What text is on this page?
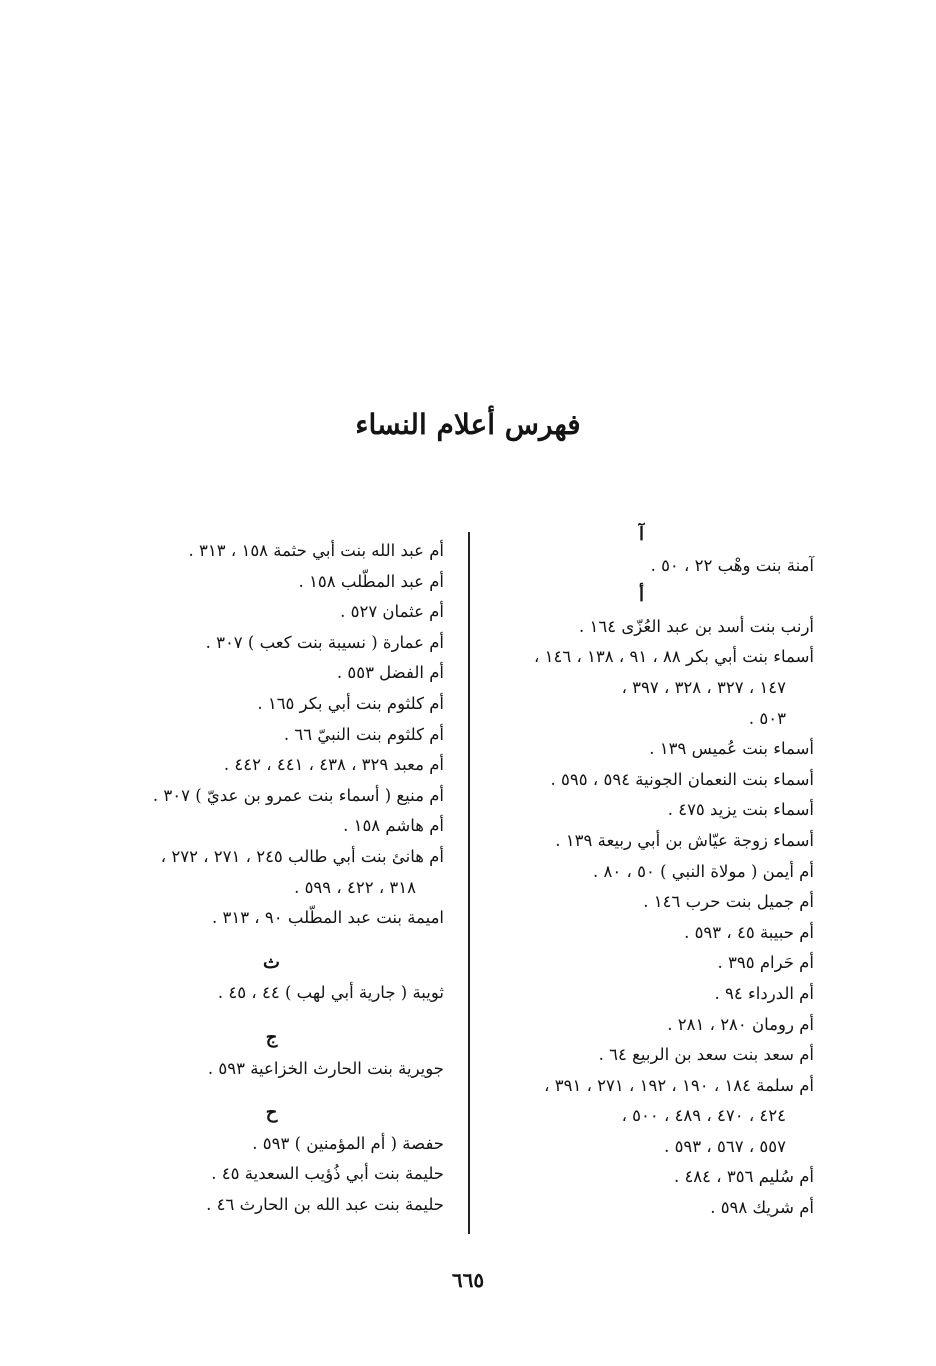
فهرس أعلام النساء
آ
آمنة بنت وهْب ٢٢ ، ٥٠ .
أ
أرنب بنت أسد بن عبد العُزّى ١٦٤ .
أسماء بنت أبي بكر ٨٨ ، ٩١ ، ١٣٨ ، ١٤٦ ،
١٤٧ ، ٣٢٧ ، ٣٢٨ ، ٣٩٧ ،
٥٠٣ .
أسماء بنت عُميس ١٣٩ .
أسماء بنت النعمان الجونية ٥٩٤ ، ٥٩٥ .
أسماء بنت يزيد ٤٧٥ .
أسماء زوجة عيّاش بن أبي ربيعة ١٣٩ .
أم أيمن ( مولاة النبي ) ٥٠ ، ٨٠ .
أم جميل بنت حرب ١٤٦ .
أم حبيبة ٤٥ ، ٥٩٣ .
أم حَرام ٣٩٥ .
أم الدرداء ٩٤ .
أم رومان ٢٨٠ ، ٢٨١ .
أم سعد بنت سعد بن الربيع ٦٤ .
أم سلمة ١٨٤ ، ١٩٠ ، ١٩٢ ، ٢٧١ ، ٣٩١ ،
٤٢٤ ، ٤٧٠ ، ٤٨٩ ، ٥٠٠ ،
٥٥٧ ، ٥٦٧ ، ٥٩٣ .
أم سُليم ٣٥٦ ، ٤٨٤ .
أم شريك ٥٩٨ .
أم عبد الله بنت أبي حثمة ١٥٨ ، ٣١٣ .
أم عبد المطّلب ١٥٨ .
أم عثمان ٥٢٧ .
أم عمارة ( نسيبة بنت كعب ) ٣٠٧ .
أم الفضل ٥٥٣ .
أم كلثوم بنت أبي بكر ١٦٥ .
أم كلثوم بنت النبيّ ٦٦ .
أم معبد ٣٢٩ ، ٤٣٨ ، ٤٤١ ، ٤٤٢ .
أم منيع ( أسماء بنت عمرو بن عديّ ) ٣٠٧ .
أم هاشم ١٥٨ .
أم هانئ بنت أبي طالب ٢٤٥ ، ٢٧١ ، ٢٧٢ ،
٣١٨ ، ٤٢٢ ، ٥٩٩ .
اميمة بنت عبد المطّلب ٩٠ ، ٣١٣ .
ث
ثويبة ( جارية أبي لهب ) ٤٤ ، ٤٥ .
ج
جويرية بنت الحارث الخزاعية ٥٩٣ .
ح
حفصة ( أم المؤمنين ) ٥٩٣ .
حليمة بنت أبي ذُؤيب السعدية ٤٥ .
حليمة بنت عبد الله بن الحارث ٤٦ .
٦٦٥
